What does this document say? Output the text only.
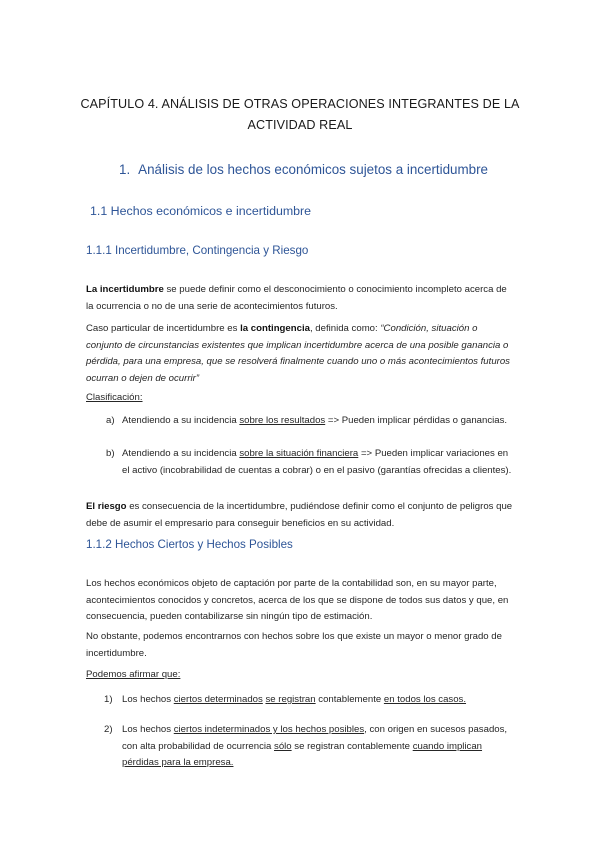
CAPÍTULO 4. ANÁLISIS DE OTRAS OPERACIONES INTEGRANTES DE LA
ACTIVIDAD REAL
1. Análisis de los hechos económicos sujetos a incertidumbre
1.1 Hechos económicos e incertidumbre
1.1.1 Incertidumbre, Contingencia y Riesgo
La incertidumbre se puede definir como el desconocimiento o conocimiento incompleto acerca de la ocurrencia o no de una serie de acontecimientos futuros.
Caso particular de incertidumbre es la contingencia, definida como: “Condición, situación o conjunto de circunstancias existentes que implican incertidumbre acerca de una posible ganancia o pérdida, para una empresa, que se resolverá finalmente cuando uno o más acontecimientos futuros ocurran o dejen de ocurrir”
Clasificación:
a) Atendiendo a su incidencia sobre los resultados => Pueden implicar pérdidas o ganancias.
b) Atendiendo a su incidencia sobre la situación financiera => Pueden implicar variaciones en el activo (incobrabilidad de cuentas a cobrar) o en el pasivo (garantías ofrecidas a clientes).
El riesgo es consecuencia de la incertidumbre, pudiéndose definir como el conjunto de peligros que debe de asumir el empresario para conseguir beneficios en su actividad.
1.1.2 Hechos Ciertos y Hechos Posibles
Los hechos económicos objeto de captación por parte de la contabilidad son, en su mayor parte, acontecimientos conocidos y concretos, acerca de los que se dispone de todos sus datos y que, en consecuencia, pueden contabilizarse sin ningún tipo de estimación.
No obstante, podemos encontrarnos con hechos sobre los que existe un mayor o menor grado de incertidumbre.
Podemos afirmar que:
1) Los hechos ciertos determinados se registran contablemente en todos los casos.
2) Los hechos ciertos indeterminados y los hechos posibles, con origen en sucesos pasados, con alta probabilidad de ocurrencia sólo se registran contablemente cuando implican pérdidas para la empresa.
